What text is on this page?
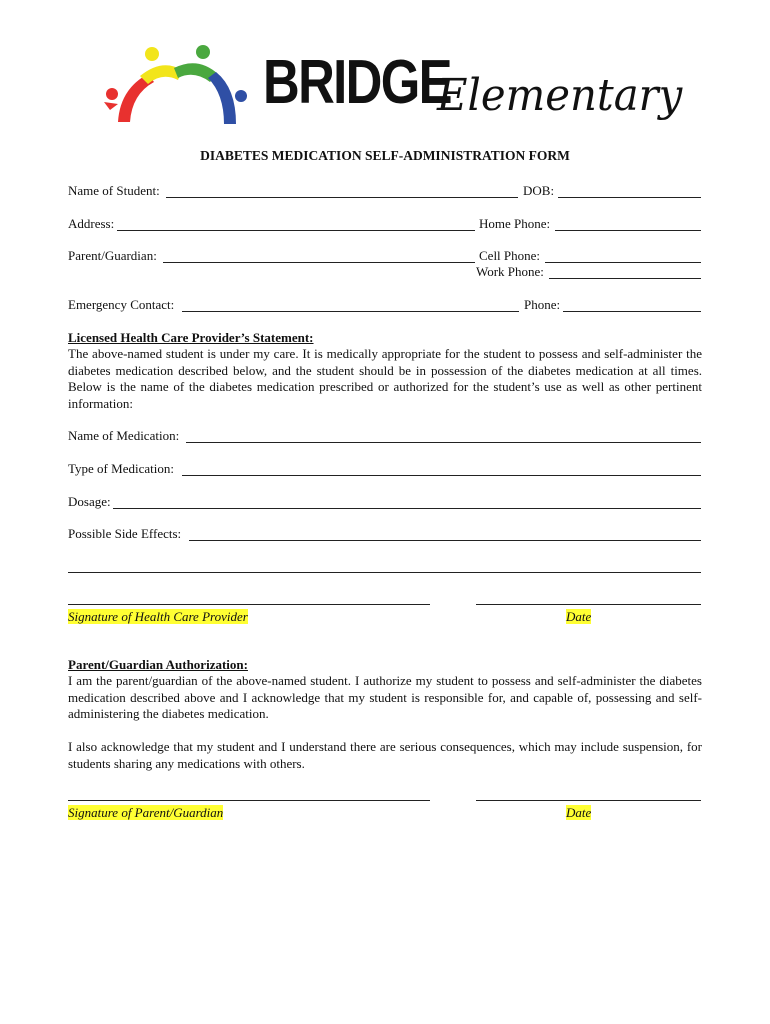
BRIDGE
Elementary
DIABETES MEDICATION SELF-ADMINISTRATION FORM
Name of Student:	DOB:
Address:	Home Phone:
Parent/Guardian:	Cell Phone:
Work Phone:
Emergency Contact:	Phone:
Licensed Health Care Provider’s Statement:
The above-named student is under my care. It is medically appropriate for the student to possess and self-administer the diabetes medication described below, and the student should be in possession of the diabetes medication at all times. Below is the name of the diabetes medication prescribed or authorized for the student’s use as well as other pertinent information:
Name of Medication:
Type of Medication:
Dosage:
Possible Side Effects:
Signature of Health Care Provider	Date
Parent/Guardian Authorization:
I am the parent/guardian of the above-named student. I authorize my student to possess and self-administer the diabetes medication described above and I acknowledge that my student is responsible for, and capable of, possessing and self-administering the diabetes medication.
I also acknowledge that my student and I understand there are serious consequences, which may include suspension, for students sharing any medications with others.
Signature of Parent/Guardian	Date
